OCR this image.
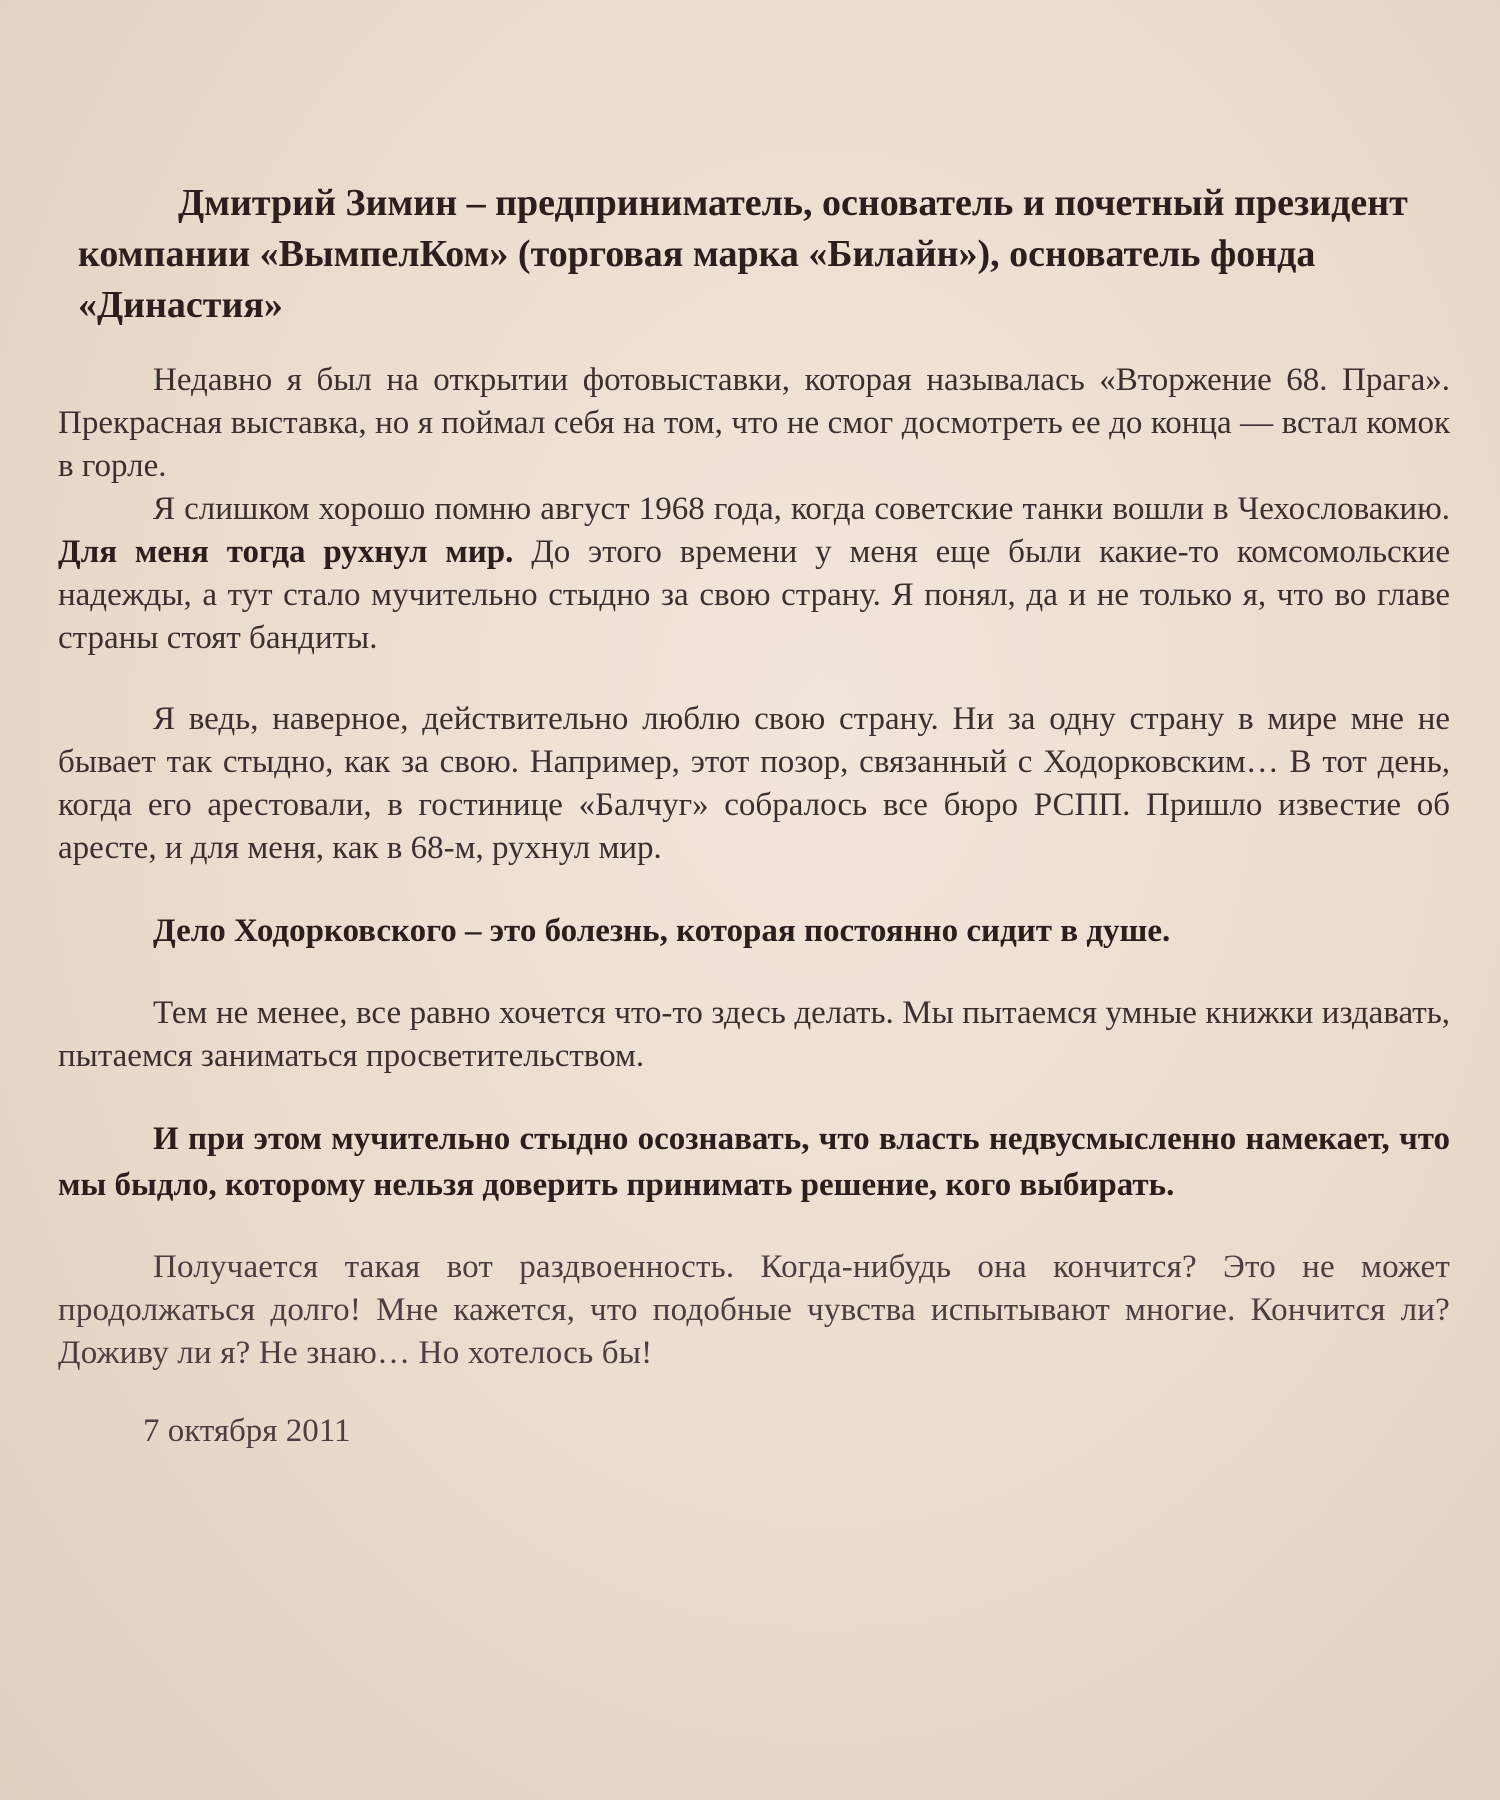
Дмитрий Зимин – предприниматель, основатель и почетный президент компании «ВымпелКом» (торговая марка «Билайн»), основатель фонда «Династия»

Недавно я был на открытии фотовыставки, которая называлась «Вторжение 68. Прага». Прекрасная выставка, но я поймал себя на том, что не смог досмотреть ее до конца — встал комок в горле.

Я слишком хорошо помню август 1968 года, когда советские танки вошли в Чехословакию. Для меня тогда рухнул мир. До этого времени у меня еще были какие-то комсомольские надежды, а тут стало мучительно стыдно за свою страну. Я понял, да и не только я, что во главе страны стоят бандиты.

Я ведь, наверное, действительно люблю свою страну. Ни за одну страну в мире мне не бывает так стыдно, как за свою. Например, этот позор, связанный с Ходорковским… В тот день, когда его арестовали, в гостинице «Балчуг» собралось все бюро РСПП. Пришло известие об аресте, и для меня, как в 68-м, рухнул мир.

Дело Ходорковского – это болезнь, которая постоянно сидит в душе.

Тем не менее, все равно хочется что-то здесь делать. Мы пытаемся умные книжки издавать, пытаемся заниматься просветительством.

И при этом мучительно стыдно осознавать, что власть недвусмысленно намекает, что мы быдло, которому нельзя доверить принимать решение, кого выбирать.

Получается такая вот раздвоенность. Когда-нибудь она кончится? Это не может продолжаться долго! Мне кажется, что подобные чувства испытывают многие. Кончится ли? Доживу ли я? Не знаю… Но хотелось бы!

7 октября 2011
